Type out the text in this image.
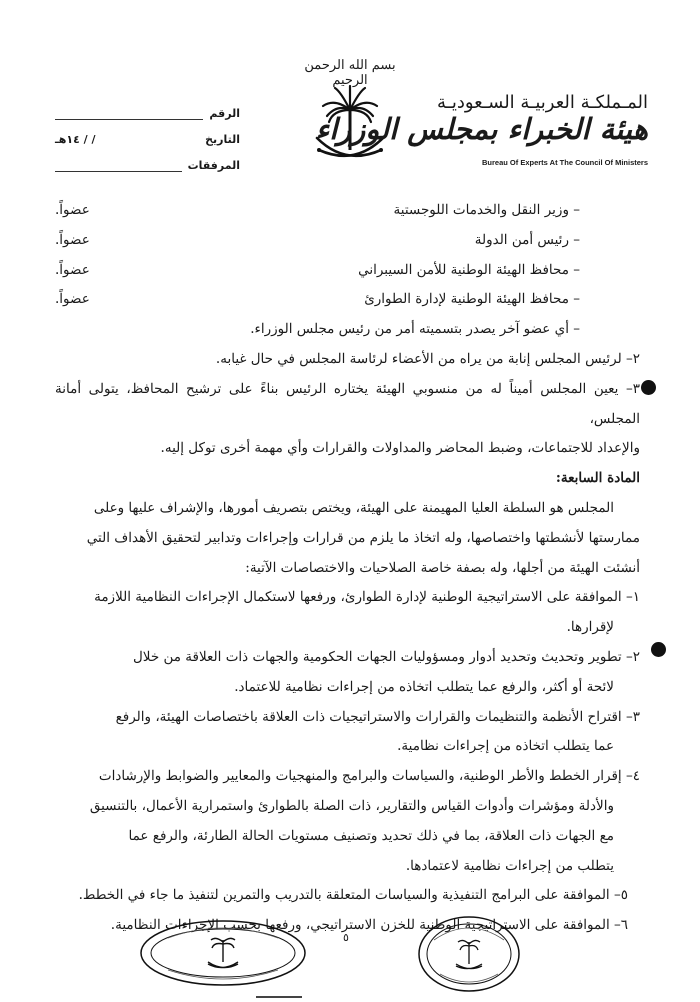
بسم الله الرحمن الرحيم
المـملكـة العربيـة السـعوديـة
هيئة الخبراء بمجلس الوزراء
Bureau Of Experts At The Council Of Ministers
الرقم
التاريخ
/ / ١٤هـ
المرفقات
– وزير النقل والخدمات اللوجستية
عضواً.
– رئيس أمن الدولة
عضواً.
– محافظ الهيئة الوطنية للأمن السيبراني
عضواً.
– محافظ الهيئة الوطنية لإدارة الطوارئ
عضواً.

– أي عضو آخر يصدر بتسميته أمر من رئيس مجلس الوزراء.

٢– لرئيس المجلس إنابة من يراه من الأعضاء لرئاسة المجلس في حال غيابه.

٣– يعين المجلس أميناً له من منسوبي الهيئة يختاره الرئيس بناءً على ترشيح المحافظ، يتولى أمانة المجلس،

والإعداد للاجتماعات، وضبط المحاضر والمداولات والقرارات وأي مهمة أخرى توكل إليه.

المادة السابعة:

المجلس هو السلطة العليا المهيمنة على الهيئة، ويختص بتصريف أمورها، والإشراف عليها وعلى

ممارستها لأنشطتها واختصاصها، وله اتخاذ ما يلزم من قرارات وإجراءات وتدابير لتحقيق الأهداف التي

أنشئت الهيئة من أجلها، وله بصفة خاصة الصلاحيات والاختصاصات الآتية:

١– الموافقة على الاستراتيجية الوطنية لإدارة الطوارئ، ورفعها لاستكمال الإجراءات النظامية اللازمة

لإقرارها.

٢– تطوير وتحديث وتحديد أدوار ومسؤوليات الجهات الحكومية والجهات ذات العلاقة من خلال

لائحة أو أكثر، والرفع عما يتطلب اتخاذه من إجراءات نظامية للاعتماد.

٣– اقتراح الأنظمة والتنظيمات والقرارات والاستراتيجيات ذات العلاقة باختصاصات الهيئة، والرفع

عما يتطلب اتخاذه من إجراءات نظامية.

٤– إقرار الخطط والأطر الوطنية، والسياسات والبرامج والمنهجيات والمعايير والضوابط والإرشادات

والأدلة ومؤشرات وأدوات القياس والتقارير، ذات الصلة بالطوارئ واستمرارية الأعمال، بالتنسيق

مع الجهات ذات العلاقة، بما في ذلك تحديد وتصنيف مستويات الحالة الطارئة، والرفع عما

يتطلب من إجراءات نظامية لاعتمادها.

٥– الموافقة على البرامج التنفيذية والسياسات المتعلقة بالتدريب والتمرين لتنفيذ ما جاء في الخطط.

٦– الموافقة على الاستراتيجية الوطنية للخزن الاستراتيجي، ورفعها بحسب الإجراءات النظامية.

٥
